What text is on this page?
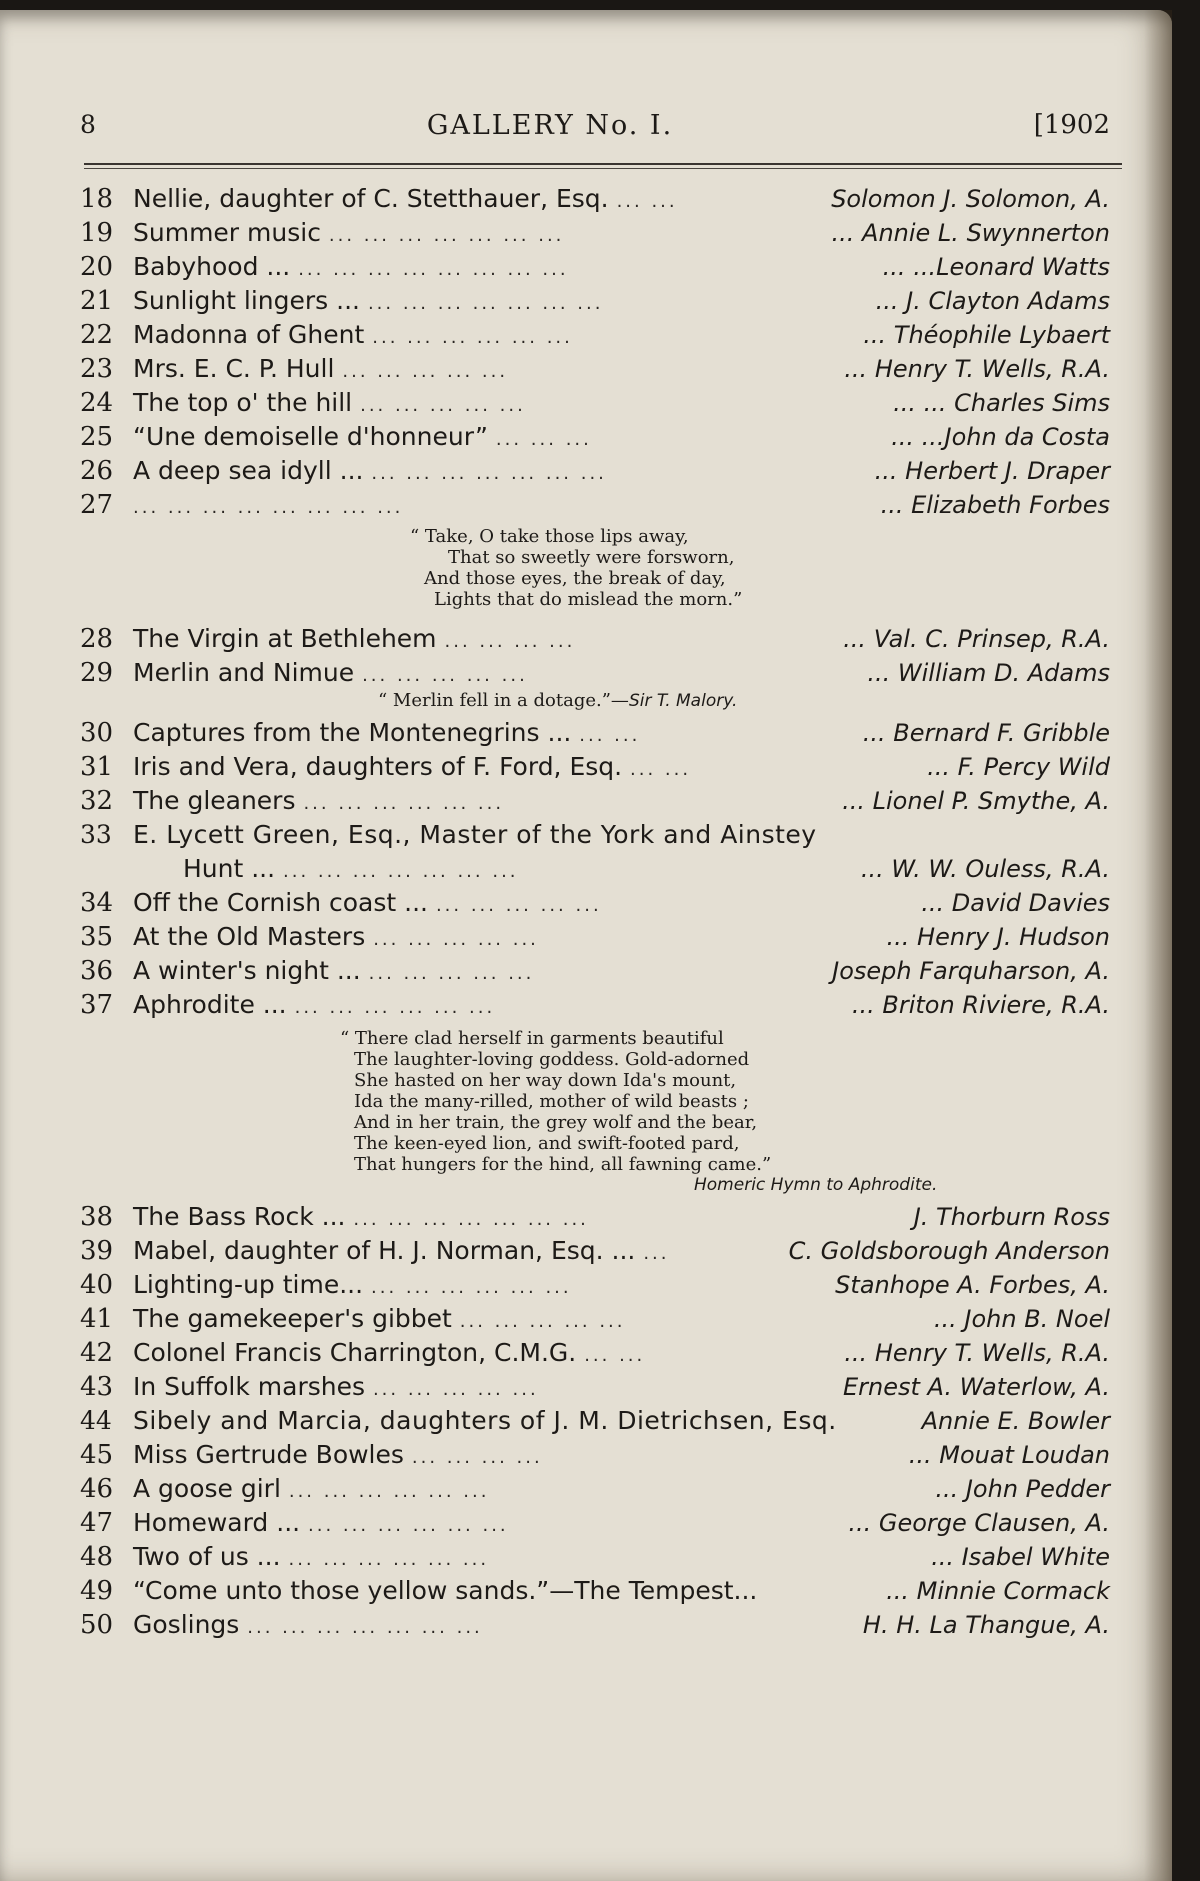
8	GALLERY No. I.	[1902
18 Nellie, daughter of C. Stetthauer, Esq. ... ...	Solomon J. Solomon, A.
19 Summer music ... ... ... ... ... ... ...	... Annie L. Swynnerton
20 Babyhood ... ... ... ... ... ... ... ... ...	... ...Leonard Watts
21 Sunlight lingers ... ... ... ... ... ... ... ...	... J. Clayton Adams
22 Madonna of Ghent ... ... ... ... ... ...	... Théophile Lybaert
23 Mrs. E. C. P. Hull ... ... ... ... ...	... Henry T. Wells, R.A.
24 The top o' the hill ... ... ... ... ...	... ... Charles Sims
25 “Une demoiselle d'honneur” ... ... ...	... ...John da Costa
26 A deep sea idyll ... ... ... ... ... ... ... ...	... Herbert J. Draper
27	... ... ... ... ... ... ... ...	... Elizabeth Forbes
“ Take, O take those lips away,
That so sweetly were forsworn,
And those eyes, the break of day,
Lights that do mislead the morn.”
28 The Virgin at Bethlehem ... ... ... ...	... Val. C. Prinsep, R.A.
29 Merlin and Nimue ... ... ... ... ...	... William D. Adams
“ Merlin fell in a dotage.”—Sir T. Malory.
30 Captures from the Montenegrins ... ... ...	... Bernard F. Gribble
31 Iris and Vera, daughters of F. Ford, Esq. ... ...	... F. Percy Wild
32 The gleaners ... ... ... ... ... ...	... Lionel P. Smythe, A.
33 E. Lycett Green, Esq., Master of the York and Ainstey
Hunt ... ... ... ... ... ... ... ...	... W. W. Ouless, R.A.
34 Off the Cornish coast ... ... ... ... ... ...	... David Davies
35 At the Old Masters ... ... ... ... ...	... Henry J. Hudson
36 A winter's night ... ... ... ... ... ...	Joseph Farquharson, A.
37 Aphrodite ... ... ... ... ... ... ...	... Briton Riviere, R.A.
“ There clad herself in garments beautiful
The laughter-loving goddess. Gold-adorned
She hasted on her way down Ida's mount,
Ida the many-rilled, mother of wild beasts ;
And in her train, the grey wolf and the bear,
The keen-eyed lion, and swift-footed pard,
That hungers for the hind, all fawning came.”
Homeric Hymn to Aphrodite.
38 The Bass Rock ... ... ... ... ... ... ... ...	J. Thorburn Ross
39 Mabel, daughter of H. J. Norman, Esq. ... ...	C. Goldsborough Anderson
40 Lighting-up time... ... ... ... ... ... ...	Stanhope A. Forbes, A.
41 The gamekeeper's gibbet ... ... ... ... ...	... John B. Noel
42 Colonel Francis Charrington, C.M.G. ... ...	... Henry T. Wells, R.A.
43 In Suffolk marshes ... ... ... ... ...	Ernest A. Waterlow, A.
44 Sibely and Marcia, daughters of J. M. Dietrichsen, Esq.	Annie E. Bowler
45 Miss Gertrude Bowles ... ... ... ...	... Mouat Loudan
46 A goose girl ... ... ... ... ... ...	... John Pedder
47 Homeward ... ... ... ... ... ... ...	... George Clausen, A.
48 Two of us ... ... ... ... ... ... ...	... Isabel White
49 “Come unto those yellow sands.”—The Tempest...	... Minnie Cormack
50 Goslings ... ... ... ... ... ... ...	H. H. La Thangue, A.
